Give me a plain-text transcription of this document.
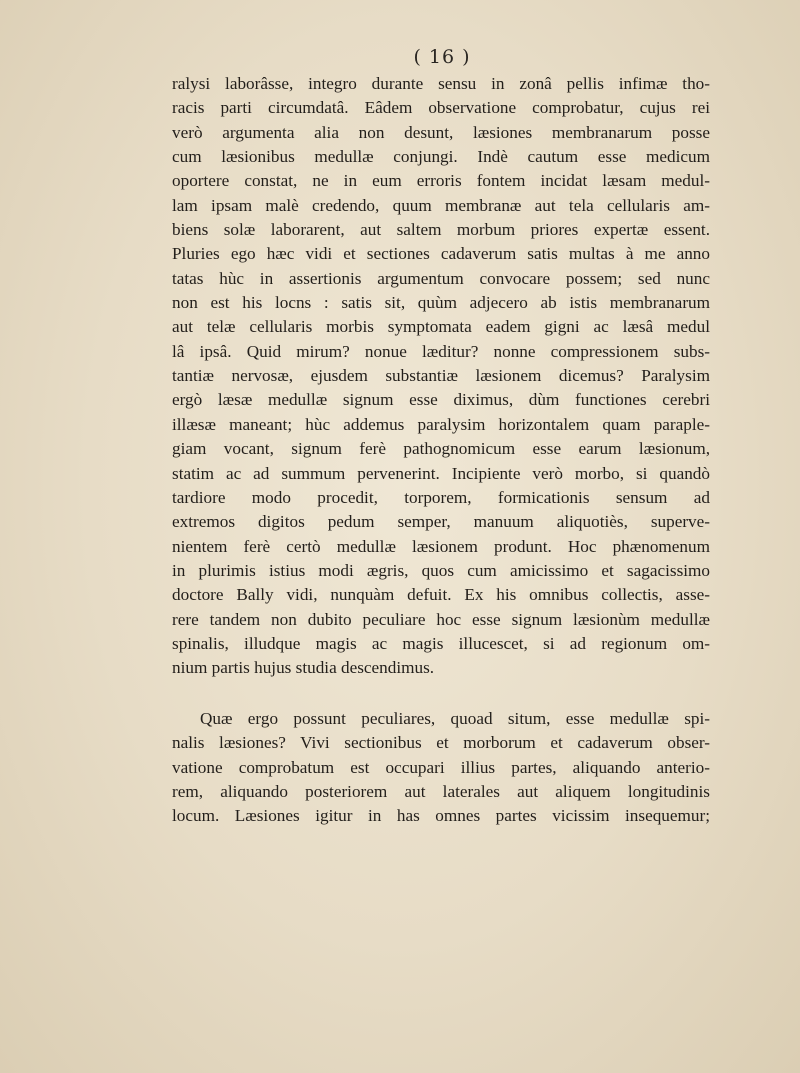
( 16 )
ralysi laborâsse, integro durante sensu in zonâ pellis infimæ tho-
racis parti circumdatâ. Eâdem observatione comprobatur, cujus rei
verò argumenta alia non desunt, læsiones membranarum posse
cum læsionibus medullæ conjungi. Indè cautum esse medicum
oportere constat, ne in eum erroris fontem incidat læsam medul-
lam ipsam malè credendo, quum membranæ aut tela cellularis am-
biens solæ laborarent, aut saltem morbum priores expertæ essent.
Pluries ego hæc vidi et sectiones cadaverum satis multas à me anno
tatas hùc in assertionis argumentum convocare possem; sed nunc
non est his locns : satis sit, quùm adjecero ab istis membranarum
aut telæ cellularis morbis symptomata eadem gigni ac læsâ medul
lâ ipsâ. Quid mirum? nonue læditur? nonne compressionem subs-
tantiæ nervosæ, ejusdem substantiæ læsionem dicemus? Paralysim
ergò læsæ medullæ signum esse diximus, dùm functiones cerebri
illæsæ maneant; hùc addemus paralysim horizontalem quam paraple-
giam vocant, signum ferè pathognomicum esse earum læsionum,
statim ac ad summum pervenerint. Incipiente verò morbo, si quandò
tardiore modo procedit, torporem, formicationis sensum ad
extremos digitos pedum semper, manuum aliquotiès, superve-
nientem ferè certò medullæ læsionem produnt. Hoc phænomenum
in plurimis istius modi ægris, quos cum amicissimo et sagacissimo
doctore Bally vidi, nunquàm defuit. Ex his omnibus collectis, asse-
rere tandem non dubito peculiare hoc esse signum læsionùm medullæ
spinalis, illudque magis ac magis illucescet, si ad regionum om-
nium partis hujus studia descendimus.
Quæ ergo possunt peculiares, quoad situm, esse medullæ spi-
nalis læsiones? Vivi sectionibus et morborum et cadaverum obser-
vatione comprobatum est occupari illius partes, aliquando anterio-
rem, aliquando posteriorem aut laterales aut aliquem longitudinis
locum. Læsiones igitur in has omnes partes vicissim insequemur;
